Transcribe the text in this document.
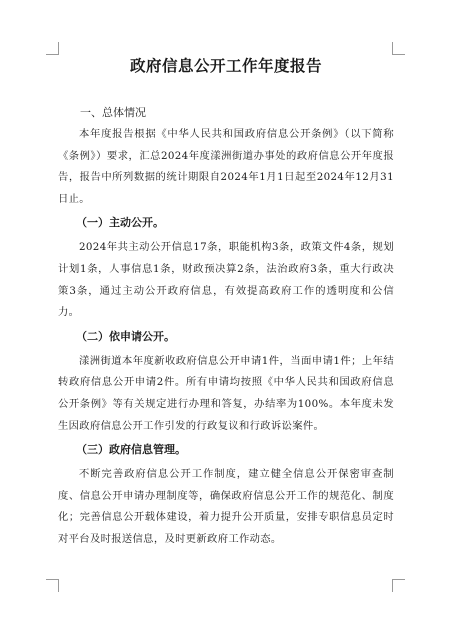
政府信息公开工作年度报告
一、总体情况

本年度报告根据《中华人民共和国政府信息公开条例》（以下简称《条例》）要求，汇总2024年度漾洲街道办事处的政府信息公开年度报告，报告中所列数据的统计期限自2024年1月1日起至2024年12月31日止。

（一）主动公开。

2024年共主动公开信息17条，职能机构3条，政策文件4条，规划计划1条，人事信息1条，财政预决算2条，法治政府3条，重大行政决策3条，通过主动公开政府信息，有效提高政府工作的透明度和公信力。

（二）依申请公开。

漾洲街道本年度新收政府信息公开申请1件，当面申请1件；上年结转政府信息公开申请2件。所有申请均按照《中华人民共和国政府信息公开条例》等有关规定进行办理和答复，办结率为100%。本年度未发生因政府信息公开工作引发的行政复议和行政诉讼案件。

（三）政府信息管理。

不断完善政府信息公开工作制度，建立健全信息公开保密审查制度、信息公开申请办理制度等，确保政府信息公开工作的规范化、制度化；完善信息公开载体建设，着力提升公开质量，安排专职信息员定时对平台及时报送信息，及时更新政府工作动态。
